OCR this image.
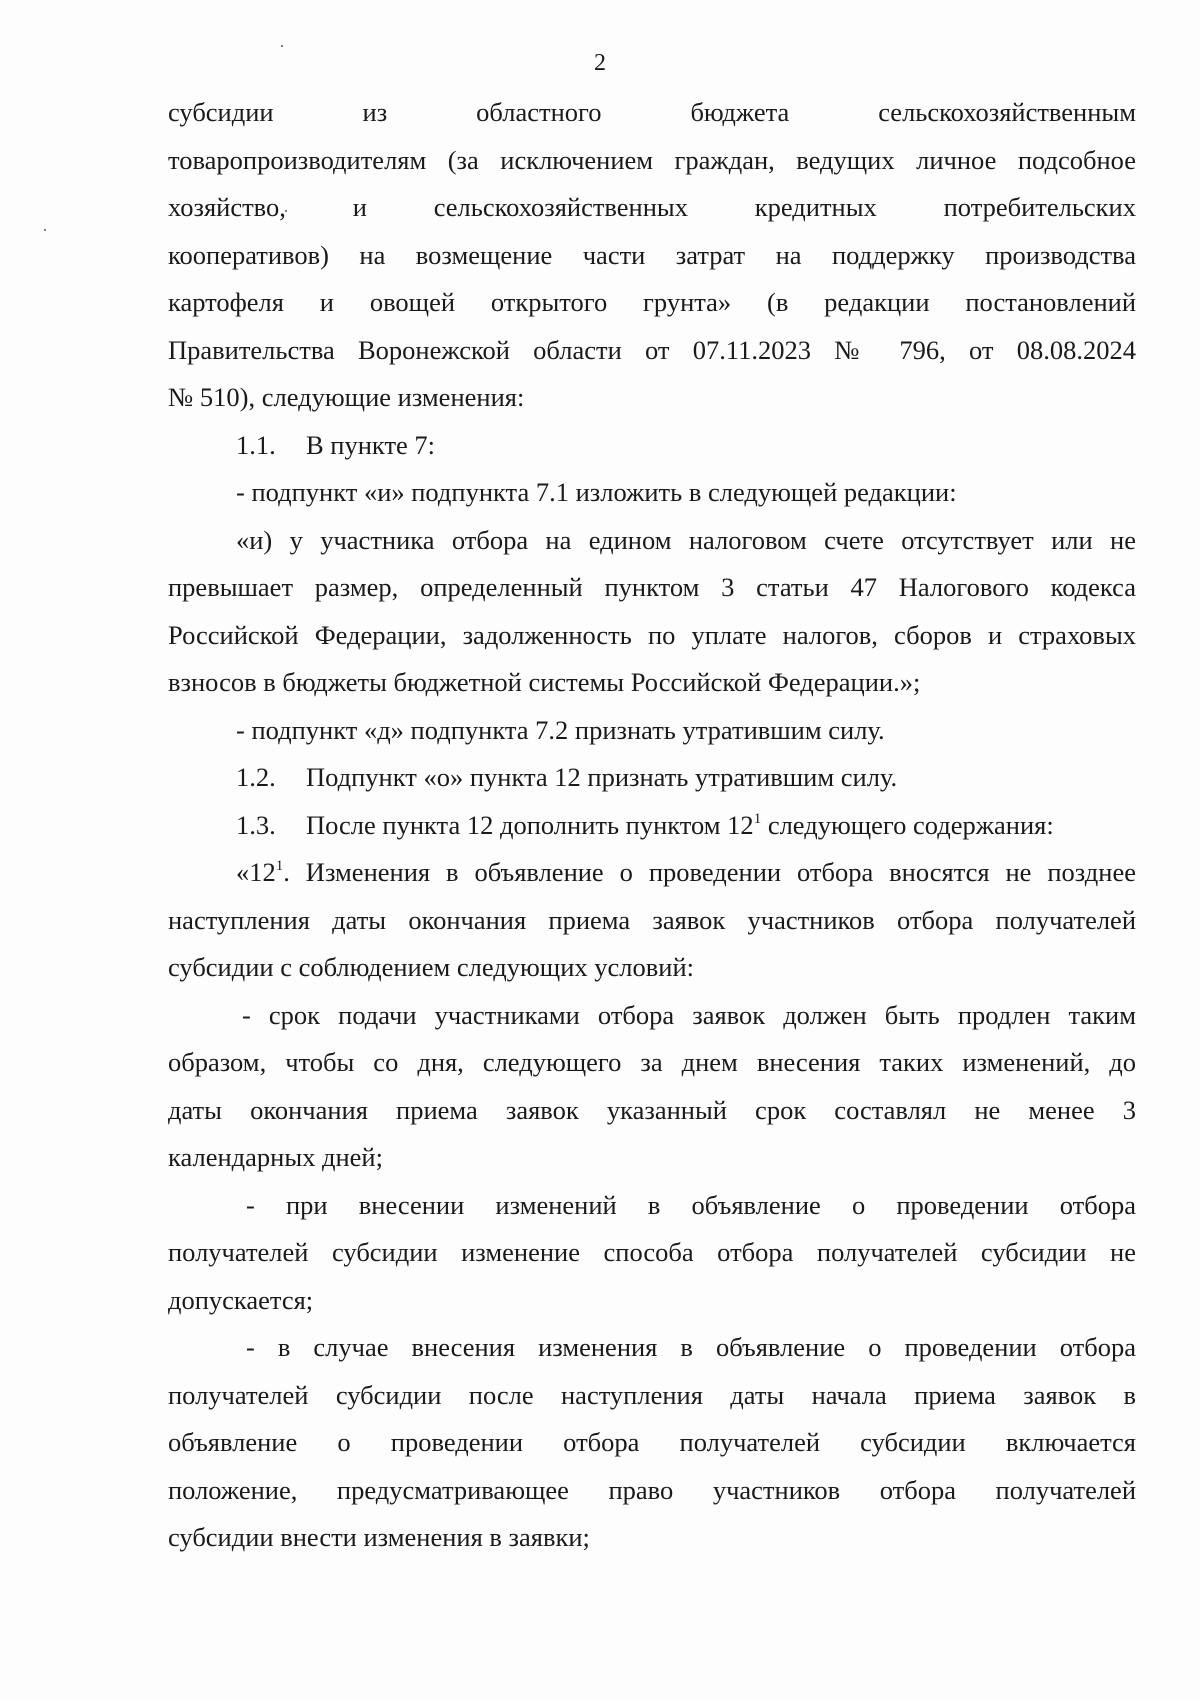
2
субсидии из областного бюджета сельскохозяйственным
товаропроизводителям (за исключением граждан, ведущих личное подсобное
хозяйство, и сельскохозяйственных кредитных потребительских
кооперативов) на возмещение части затрат на поддержку производства
картофеля и овощей открытого грунта» (в редакции постановлений
Правительства Воронежской области от 07.11.2023 № 796, от 08.08.2024
№ 510), следующие изменения:
1.1. В пункте 7:
- подпункт «и» подпункта 7.1 изложить в следующей редакции:
«и) у участника отбора на едином налоговом счете отсутствует или не
превышает размер, определенный пунктом 3 статьи 47 Налогового кодекса
Российской Федерации, задолженность по уплате налогов, сборов и страховых
взносов в бюджеты бюджетной системы Российской Федерации.»;
- подпункт «д» подпункта 7.2 признать утратившим силу.
1.2. Подпункт «о» пункта 12 признать утратившим силу.
1.3. После пункта 12 дополнить пунктом $12^1$ следующего содержания:
«$12^1$. Изменения в объявление о проведении отбора вносятся не позднее
наступления даты окончания приема заявок участников отбора получателей
субсидии с соблюдением следующих условий:
- срок подачи участниками отбора заявок должен быть продлен таким
образом, чтобы со дня, следующего за днем внесения таких изменений, до
даты окончания приема заявок указанный срок составлял не менее 3
календарных дней;
- при внесении изменений в объявление о проведении отбора
получателей субсидии изменение способа отбора получателей субсидии не
допускается;
- в случае внесения изменения в объявление о проведении отбора
получателей субсидии после наступления даты начала приема заявок в
объявление о проведении отбора получателей субсидии включается
положение, предусматривающее право участников отбора получателей
субсидии внести изменения в заявки;
